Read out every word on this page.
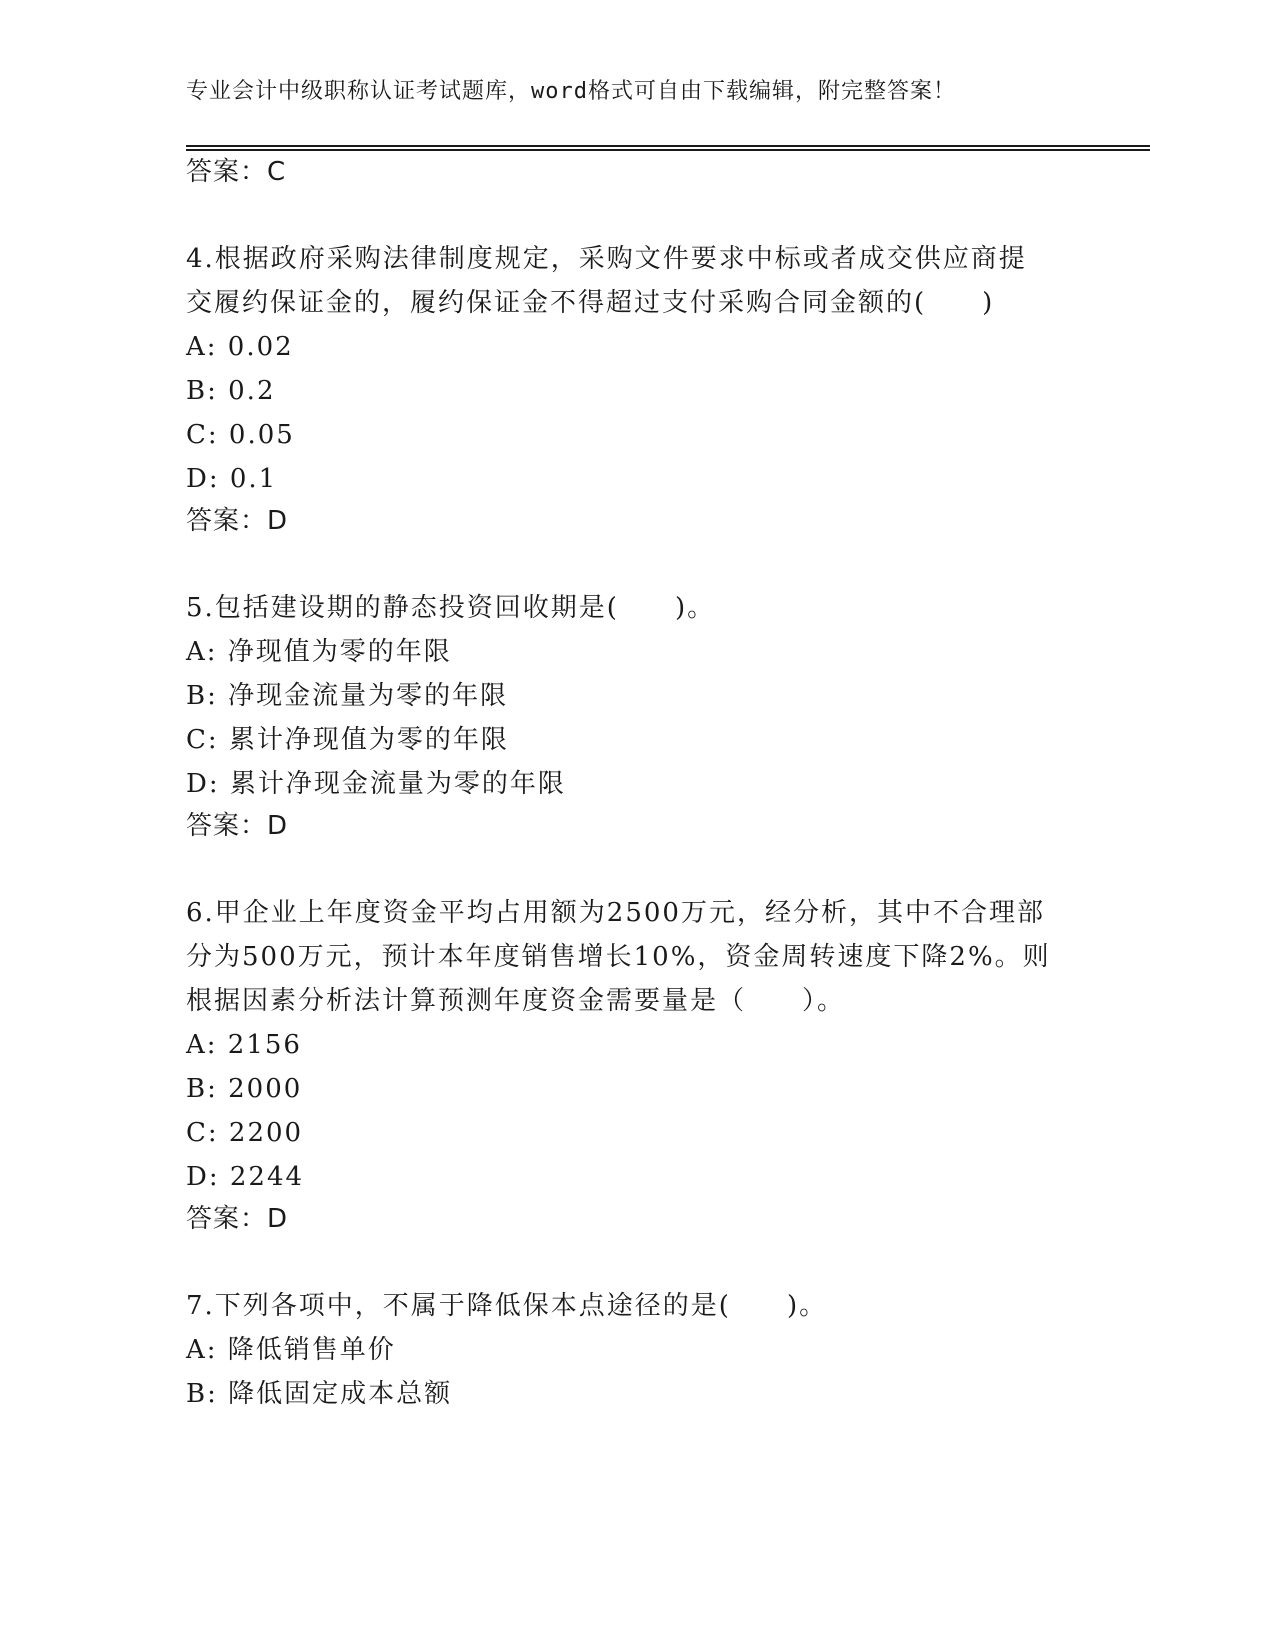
专业会计中级职称认证考试题库，word格式可自由下载编辑，附完整答案！
答案：C
4.根据政府采购法律制度规定，采购文件要求中标或者成交供应商提
交履约保证金的，履约保证金不得超过支付采购合同金额的(　　)
A: 0.02
B: 0.2
C: 0.05
D: 0.1
答案：D
5.包括建设期的静态投资回收期是(　　)。
A: 净现值为零的年限
B: 净现金流量为零的年限
C: 累计净现值为零的年限
D: 累计净现金流量为零的年限
答案：D
6.甲企业上年度资金平均占用额为2500万元，经分析，其中不合理部
分为500万元，预计本年度销售增长10%，资金周转速度下降2%。则
根据因素分析法计算预测年度资金需要量是（　　）。
A: 2156
B: 2000
C: 2200
D: 2244
答案：D
7.下列各项中，不属于降低保本点途径的是(　　)。
A: 降低销售单价
B: 降低固定成本总额
